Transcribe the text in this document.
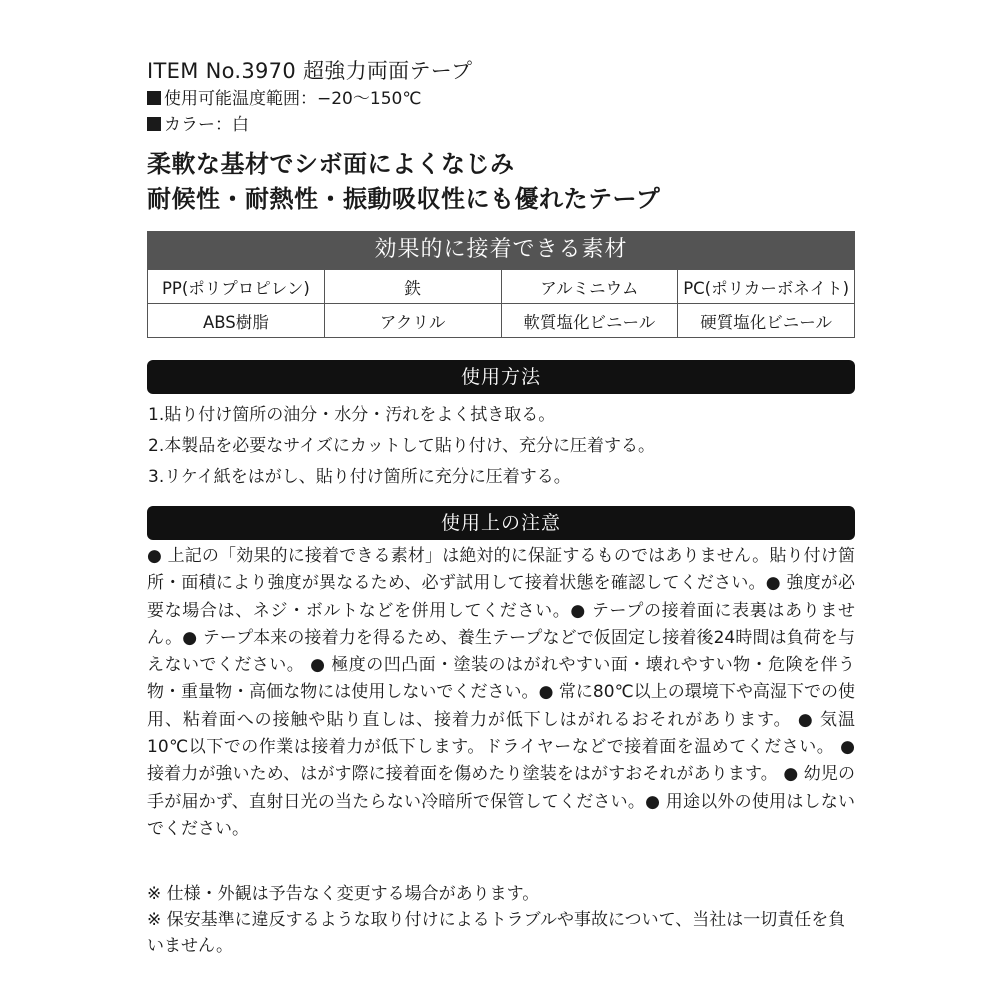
ITEM No.3970 超強力両面テープ
使用可能温度範囲：−20〜150℃
カラー：白
柔軟な基材でシボ面によくなじみ
耐候性・耐熱性・振動吸収性にも優れたテープ
効果的に接着できる素材
PP(ポリプロピレン)	鉄	アルミニウム	PC(ポリカーボネイト)
ABS樹脂	アクリル	軟質塩化ビニール	硬質塩化ビニール
使用方法
1.貼り付け箇所の油分・水分・汚れをよく拭き取る。
2.本製品を必要なサイズにカットして貼り付け、充分に圧着する。
3.リケイ紙をはがし、貼り付け箇所に充分に圧着する。
使用上の注意
● 上記の「効果的に接着できる素材」は絶対的に保証するものではありません。貼り付け箇所・面積により強度が異なるため、必ず試用して接着状態を確認してください。● 強度が必要な場合は、ネジ・ボルトなどを併用してください。● テープの接着面に表裏はありません。● テープ本来の接着力を得るため、養生テープなどで仮固定し接着後24時間は負荷を与えないでください。 ● 極度の凹凸面・塗装のはがれやすい面・壊れやすい物・危険を伴う物・重量物・高価な物には使用しないでください。● 常に80℃以上の環境下や高湿下での使用、粘着面への接触や貼り直しは、接着力が低下しはがれるおそれがあります。 ● 気温10℃以下での作業は接着力が低下します。ドライヤーなどで接着面を温めてください。 ● 接着力が強いため、はがす際に接着面を傷めたり塗装をはがすおそれがあります。 ● 幼児の手が届かず、直射日光の当たらない冷暗所で保管してください。● 用途以外の使用はしないでください。

※ 仕様・外観は予告なく変更する場合があります。

※ 保安基準に違反するような取り付けによるトラブルや事故について、当社は一切責任を負いません。
